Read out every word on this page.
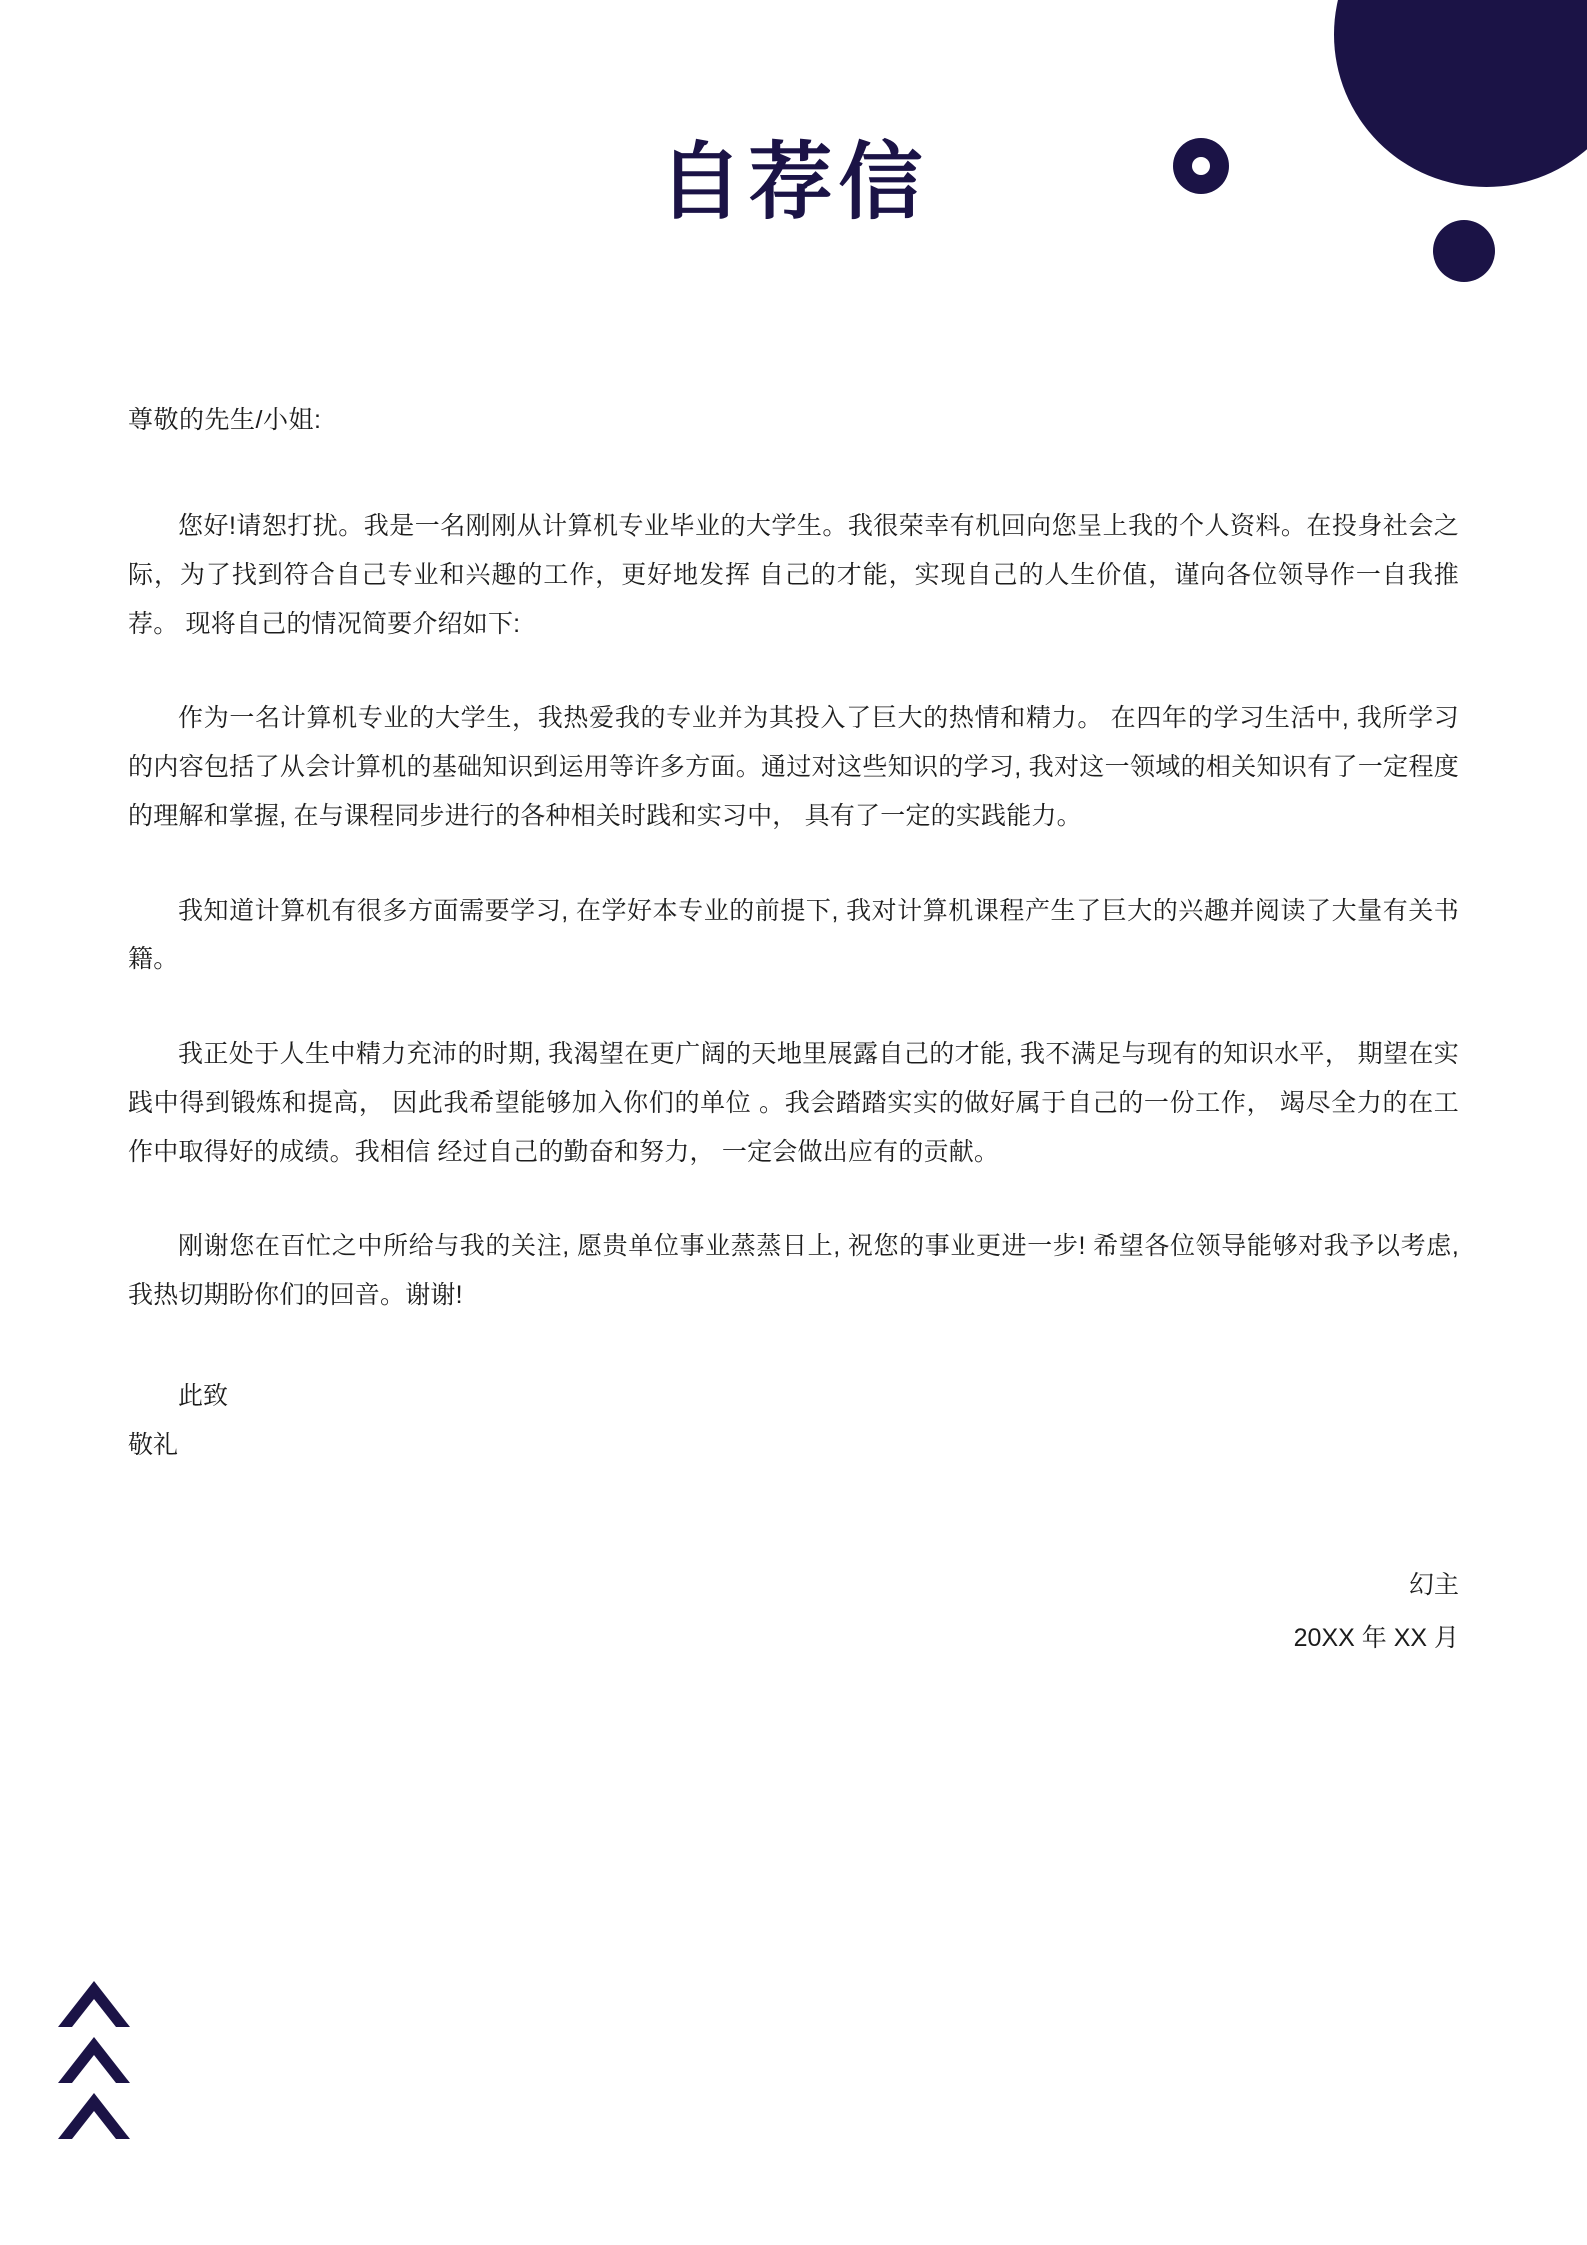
自荐信
尊敬的先生/小姐:

您好!请恕打扰。我是一名刚刚从计算机专业毕业的大学生。我很荣幸有机回向您呈上我的个人资料。在投身社会之际，为了找到符合自己专业和兴趣的工作，更好地发挥 自己的才能，实现自己的人生价值，谨向各位领导作一自我推荐。 现将自己的情况简要介绍如下:

作为一名计算机专业的大学生，我热爱我的专业并为其投入了巨大的热情和精力。 在四年的学习生活中, 我所学习的内容包括了从会计算机的基础知识到运用等许多方面。通过对这些知识的学习, 我对这一领域的相关知识有了一定程度的理解和掌握, 在与课程同步进行的各种相关时践和实习中， 具有了一定的实践能力。

我知道计算机有很多方面需要学习, 在学好本专业的前提下, 我对计算机课程产生了巨大的兴趣并阅读了大量有关书籍。

我正处于人生中精力充沛的时期, 我渴望在更广阔的天地里展露自己的才能, 我不满足与现有的知识水平， 期望在实践中得到锻炼和提高， 因此我希望能够加入你们的单位 。我会踏踏实实的做好属于自己的一份工作， 竭尽全力的在工作中取得好的成绩。我相信 经过自己的勤奋和努力， 一定会做出应有的贡献。

刚谢您在百忙之中所给与我的关注, 愿贵单位事业蒸蒸日上, 祝您的事业更进一步! 希望各位领导能够对我予以考虑, 我热切期盼你们的回音。谢谢!

此致
敬礼
幻主
20XX 年 XX 月
